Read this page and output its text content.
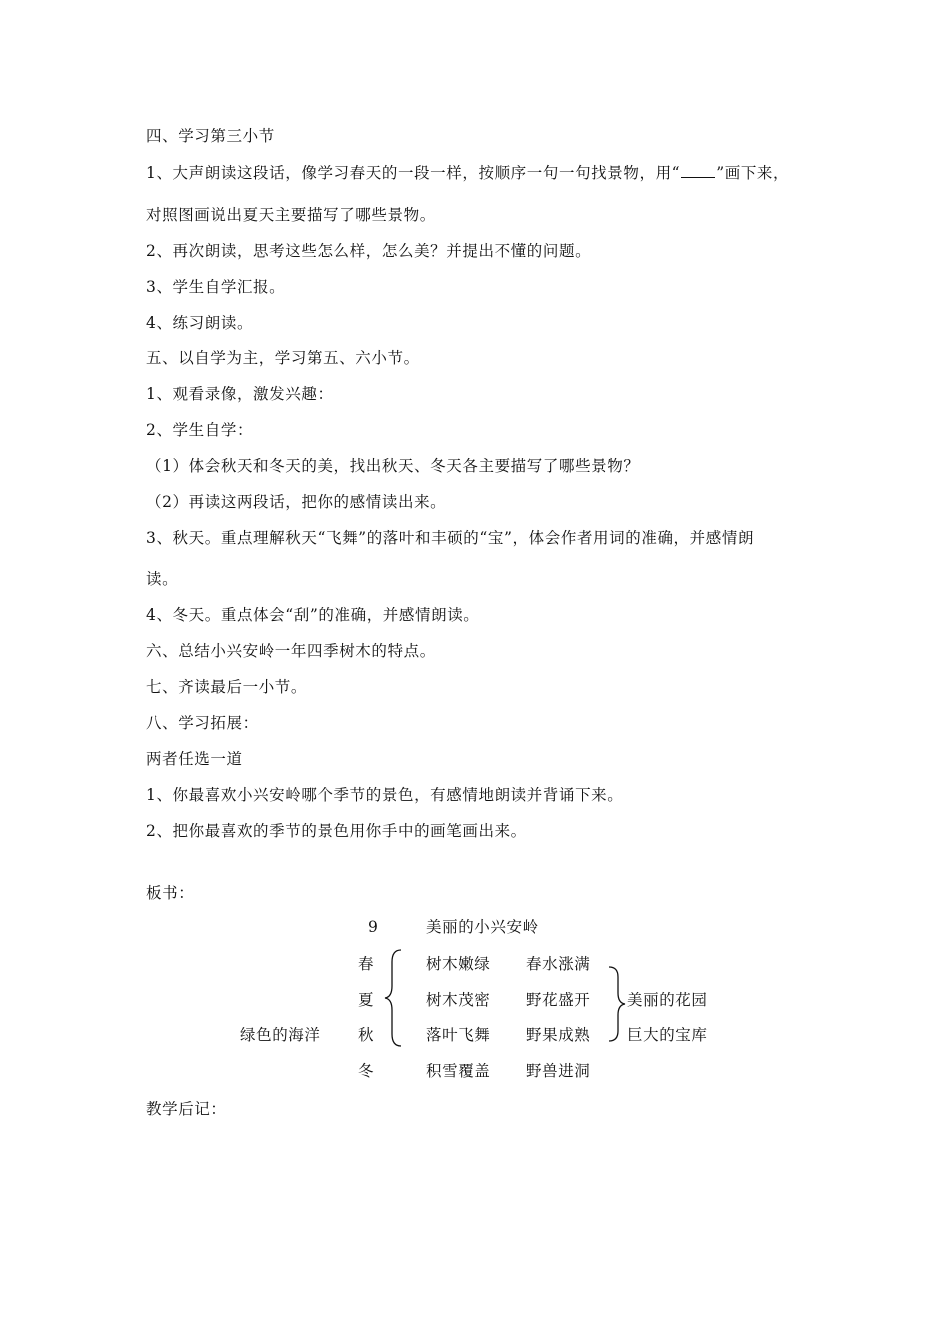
四、学习第三小节
1、大声朗读这段话，像学习春天的一段一样，按顺序一句一句找景物，用“ ”画下来，
对照图画说出夏天主要描写了哪些景物。
2、再次朗读，思考这些怎么样，怎么美？并提出不懂的问题。
3、学生自学汇报。
4、练习朗读。
五、以自学为主，学习第五、六小节。
1、观看录像，激发兴趣：
2、学生自学：
（1）体会秋天和冬天的美，找出秋天、冬天各主要描写了哪些景物？
（2）再读这两段话，把你的感情读出来。
3、秋天。重点理解秋天“飞舞”的落叶和丰硕的“宝”，体会作者用词的准确，并感情朗
读。
4、冬天。重点体会“刮”的准确，并感情朗读。
六、总结小兴安岭一年四季树木的特点。
七、齐读最后一小节。
八、学习拓展：
两者任选一道
1、你最喜欢小兴安岭哪个季节的景色，有感情地朗读并背诵下来。
2、把你最喜欢的季节的景色用你手中的画笔画出来。
板书：
9	美丽的小兴安岭
绿色的海洋
春
夏
秋
冬
树木嫩绿
树木茂密
落叶飞舞
积雪覆盖
春水涨满
野花盛开
野果成熟
野兽进洞
美丽的花园
巨大的宝库
教学后记：
